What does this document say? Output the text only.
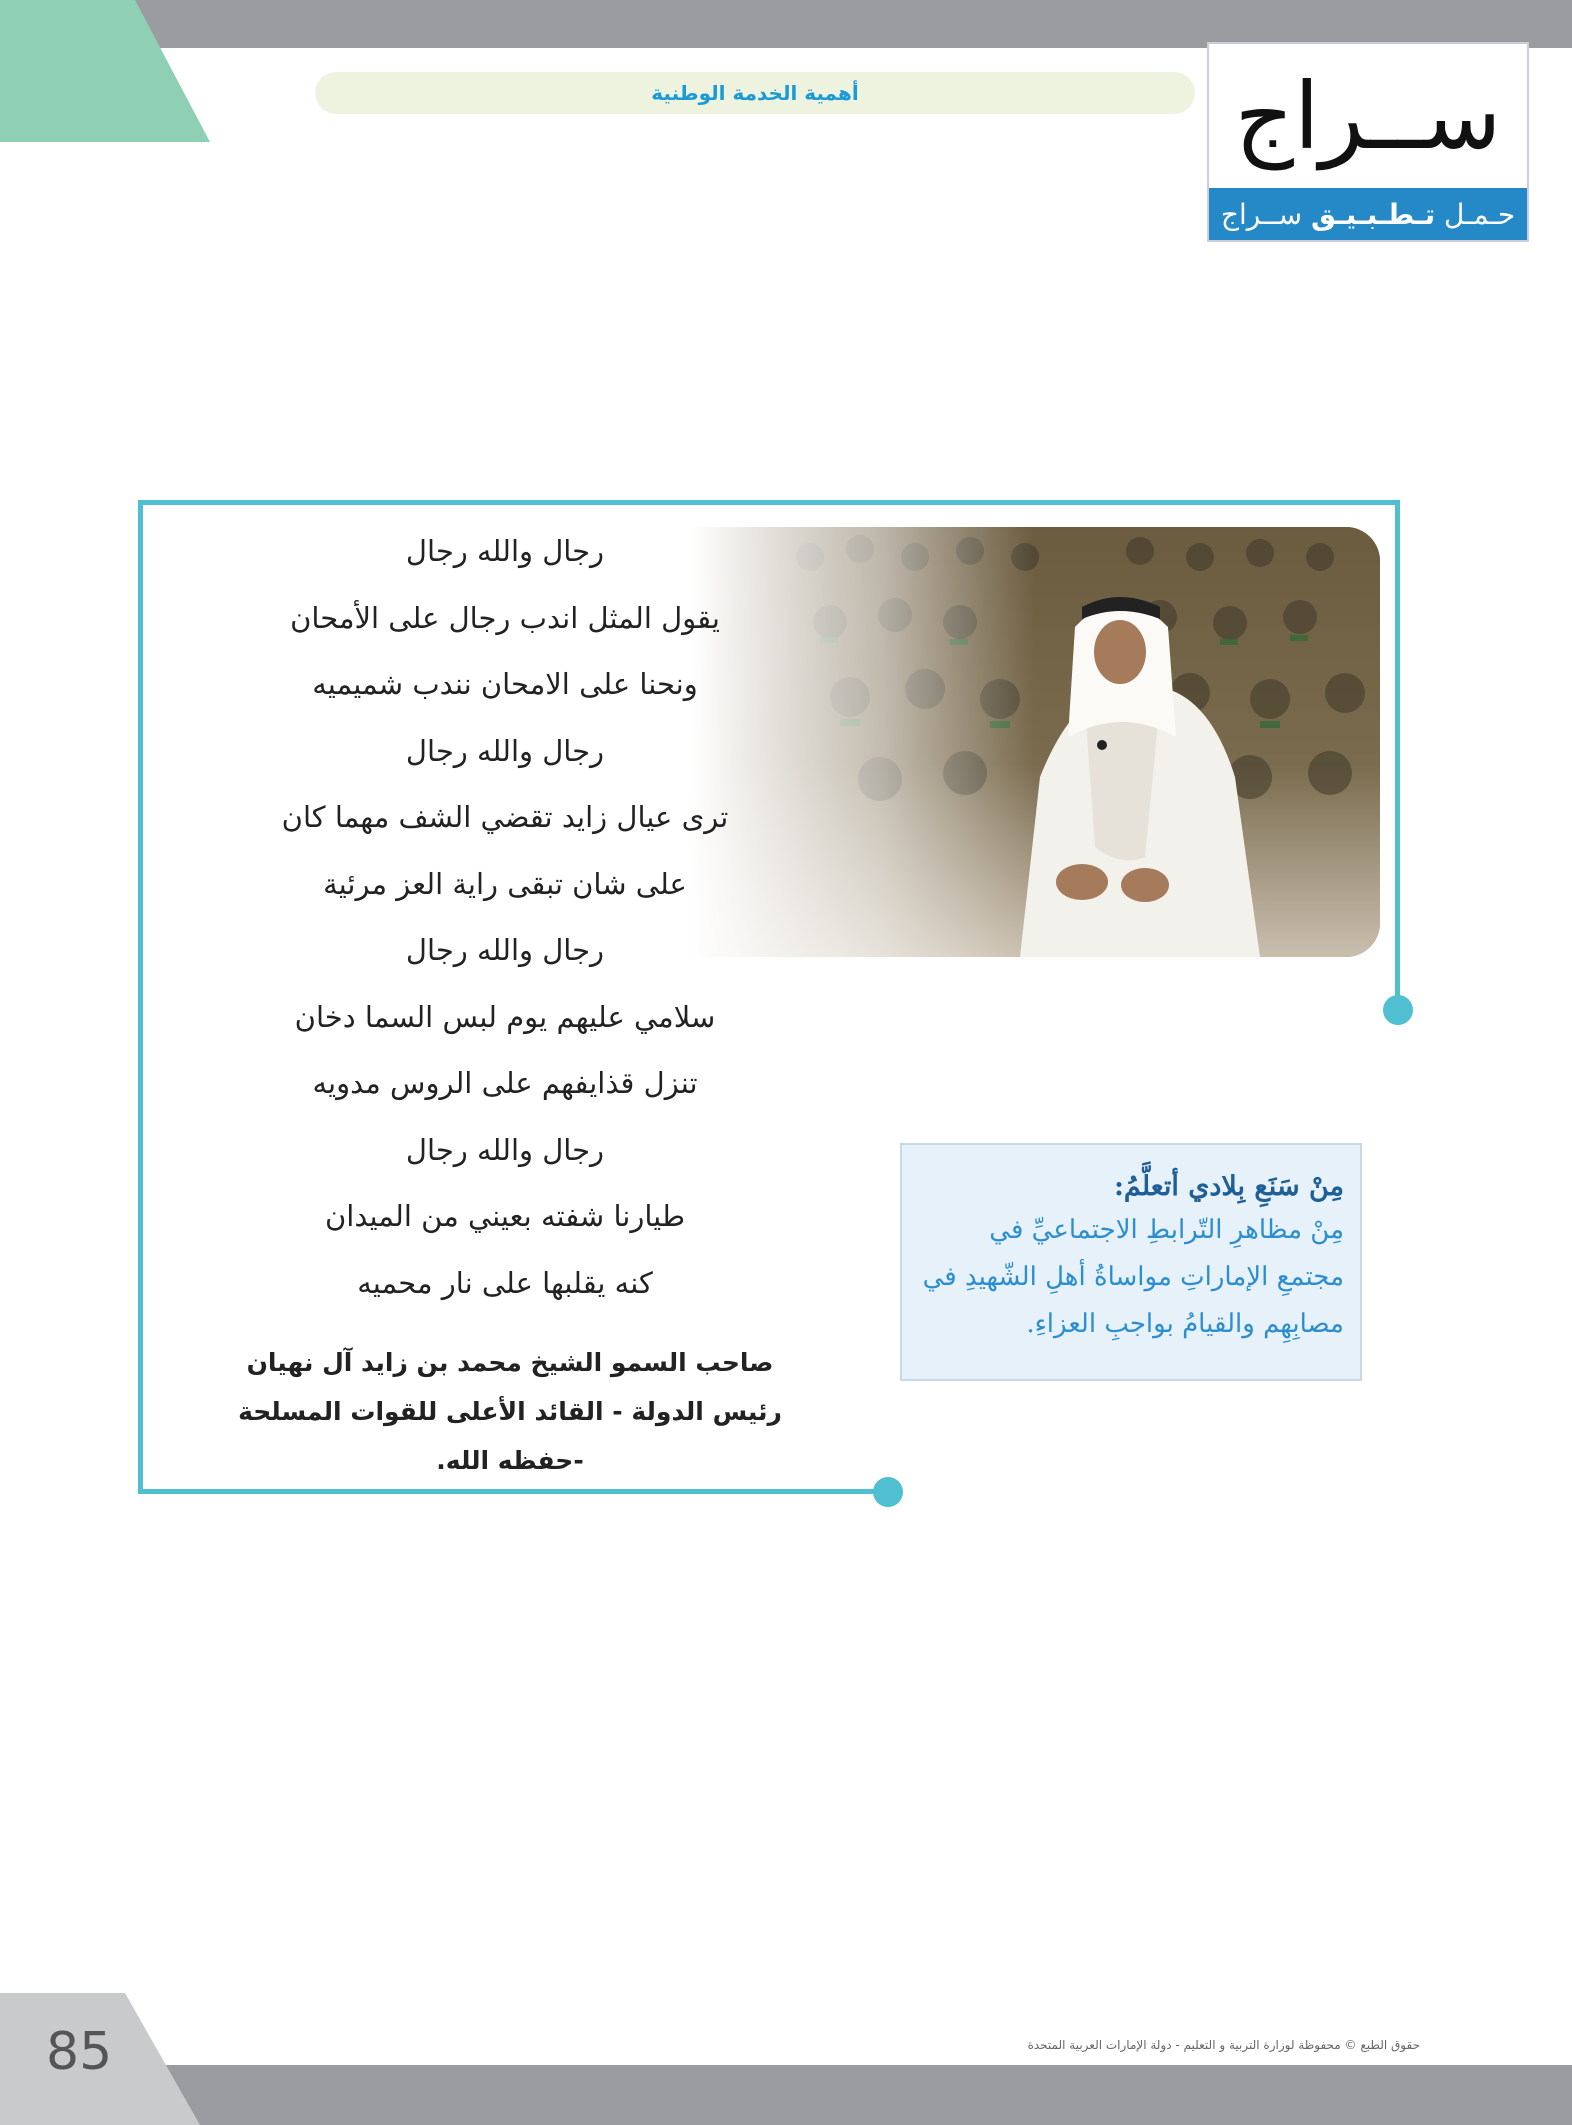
أهمية الخدمة الوطنية	ســراج
حـمـل

تـطـبـيـق

ســراج
رجال والله رجال
يقول المثل اندب رجال على الأمحان
ونحنا على الامحان نندب شميميه
رجال والله رجال
ترى عيال زايد تقضي الشف مهما كان
على شان تبقى راية العز مرئية
رجال والله رجال
سلامي عليهم يوم لبس السما دخان
تنزل قذايفهم على الروس مدويه
رجال والله رجال
طيارنا شفته بعيني من الميدان
كنه يقلبها على نار محميه
صاحب السمو الشيخ محمد بن زايد آل نهيان
رئيس الدولة - القائد الأعلى للقوات المسلحة
-حفظه الله.
مِنْ سَنَعِ بِلادي أتعلَّمُ:
مِنْ مظاهرِ التّرابطِ الاجتماعيِّ في مجتمعِ الإماراتِ مواساةُ أهلِ الشّهيدِ في مصابِهِم والقيامُ بواجبِ العزاءِ.
85	حقوق الطبع © محفوظة لوزارة التربية و التعليم - دولة الإمارات العربية المتحدة
